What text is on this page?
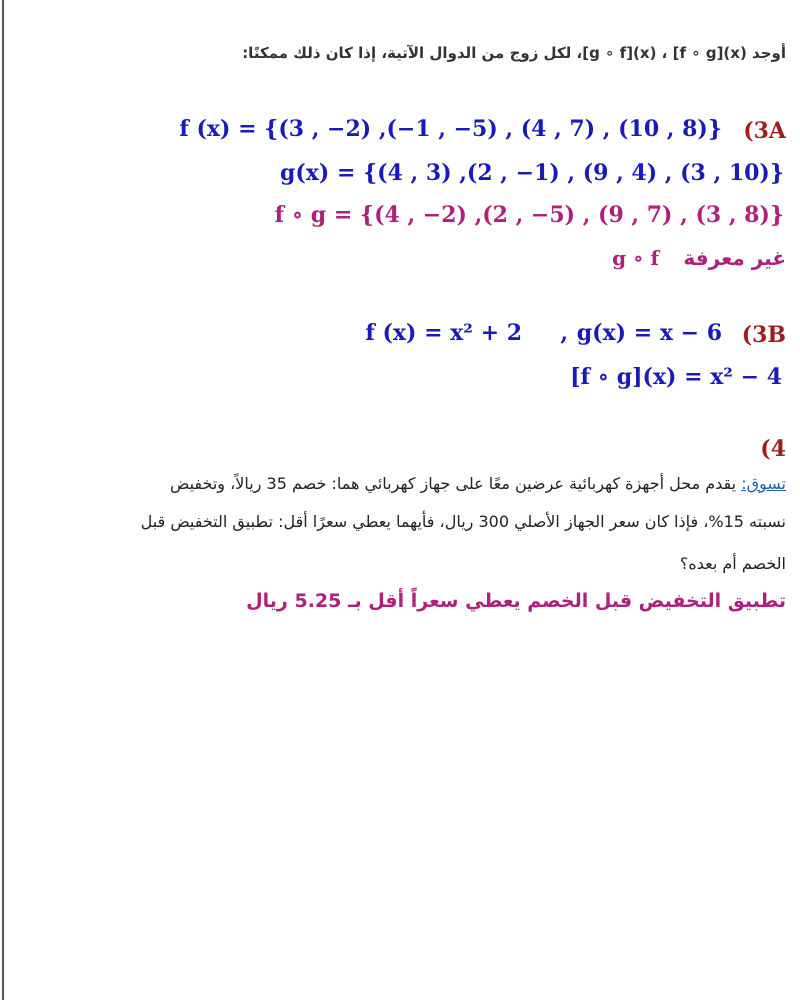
أوجد (x)[f ∘ g] ، (x)[g ∘ f]، لكل زوج من الدوال الآتية، إذا كان ذلك ممكنًا:
(3A
f (x) = {(3 , −2) ,(−1 , −5) , (4 , 7) , (10 , 8)}
g(x) = {(4 , 3) ,(2 , −1) , (9 , 4) , (3 , 10)}
f ∘ g = {(4 , −2) ,(2 , −5) , (9 , 7) , (3 , 8)}
g ∘ f غير معرفة
(3B
g(x) = x − 6
,
f (x) = x² + 2
[f ∘ g](x) = x² − 4
(4
تسوق: يقدم محل أجهزة كهربائية عرضين معًا على جهاز كهربائي هما: خصم 35 ريالاً، وتخفيض
نسبته 15%، فإذا كان سعر الجهاز الأصلي 300 ريال، فأيهما يعطي سعرًا أقل: تطبيق التخفيض قبل
الخصم أم بعده؟
تطبيق التخفيض قبل الخصم يعطي سعراً أقل بـ 5.25 ريال
